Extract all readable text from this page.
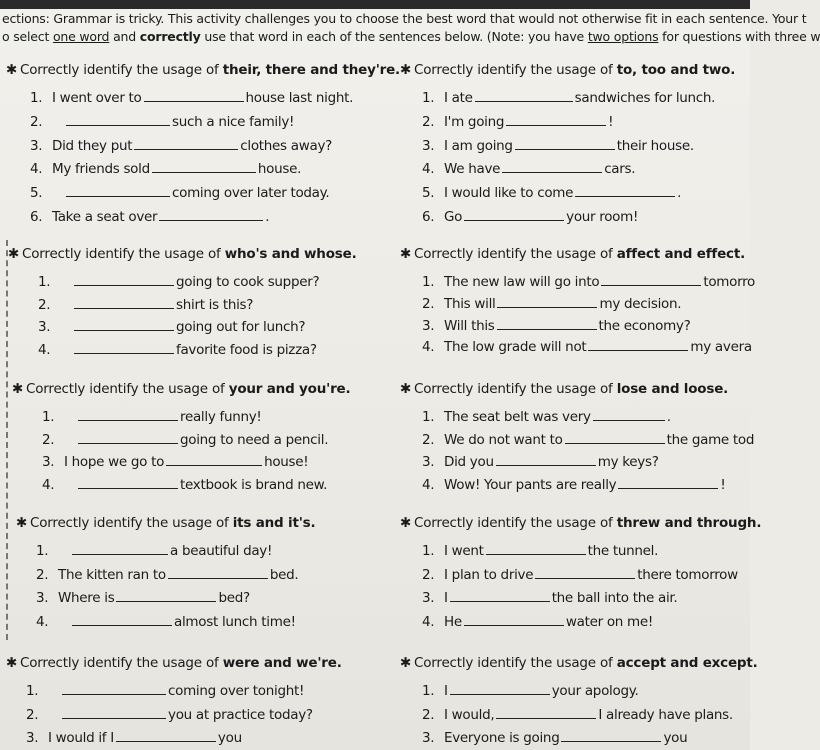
ections: Grammar is tricky. This activity challenges you to choose the best word that would not otherwise fit in each sentence. Your t
o select one word and correctly use that word in each of the sentences below. (Note: you have two options for questions with three w
✱ Correctly identify the usage of their, there and they're.
1. I went over to	house last night.
2.	such a nice family!
3. Did they put	clothes away?
4. My friends sold	house.
5.	coming over later today.
6. Take a seat over	.
✱ Correctly identify the usage of to, too and two.
1. I ate	sandwiches for lunch.
2. I'm going	!
3. I am going	their house.
4. We have	cars.
5. I would like to come	.
6. Go	your room!
✱ Correctly identify the usage of who's and whose.
1.	going to cook supper?
2.	shirt is this?
3.	going out for lunch?
4.	favorite food is pizza?
✱ Correctly identify the usage of affect and effect.
1. The new law will go into	tomorro
2. This will	my decision.
3. Will this	the economy?
4. The low grade will not	my avera
✱ Correctly identify the usage of your and you're.
1.	really funny!
2.	going to need a pencil.
3. I hope we go to	house!
4.	textbook is brand new.
✱ Correctly identify the usage of lose and loose.
1. The seat belt was very	.
2. We do not want to	the game tod
3. Did you	my keys?
4. Wow! Your pants are really	!
✱ Correctly identify the usage of its and it's.
1.	a beautiful day!
2. The kitten ran to	bed.
3. Where is	bed?
4.	almost lunch time!
✱ Correctly identify the usage of threw and through.
1. I went	the tunnel.
2. I plan to drive	there tomorrow
3. I	the ball into the air.
4. He	water on me!
✱ Correctly identify the usage of were and we're.
1.	coming over tonight!
2.	you at practice today?
3. I would if I	you
✱ Correctly identify the usage of accept and except.
1. I	your apology.
2. I would,	I already have plans.
3. Everyone is going	you
